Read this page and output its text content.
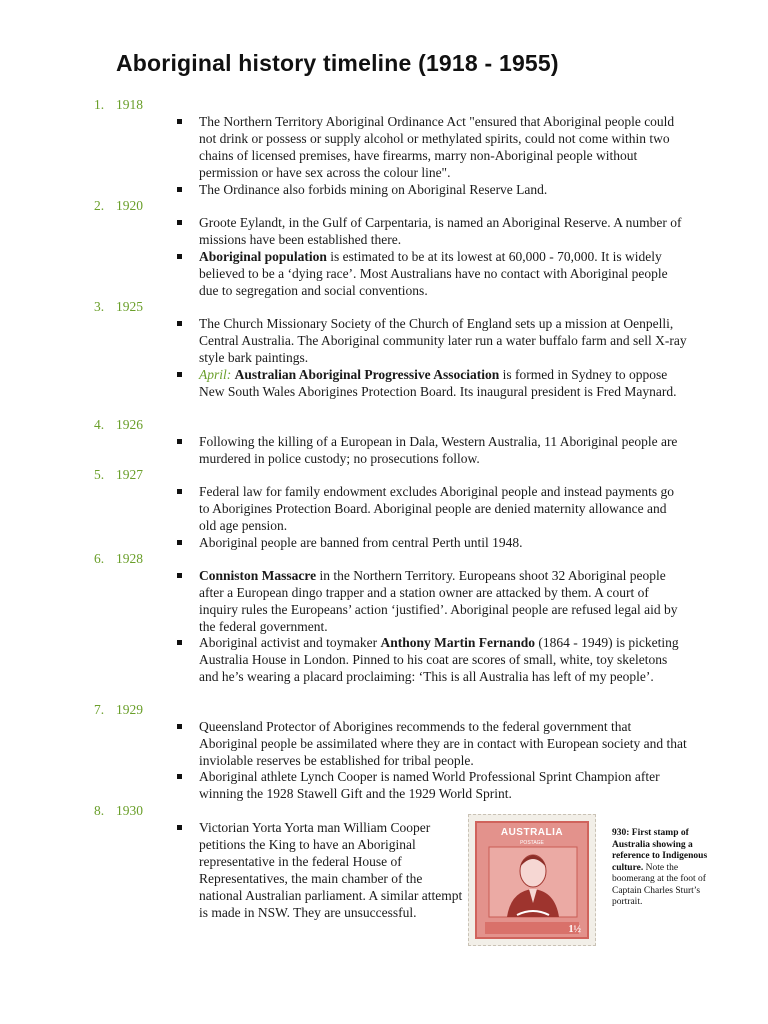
Aboriginal history timeline (1918 - 1955)
1. 1918
The Northern Territory Aboriginal Ordinance Act "ensured that Aboriginal people could not drink or possess or supply alcohol or methylated spirits, could not come within two chains of licensed premises, have firearms, marry non-Aboriginal people without permission or have sex across the colour line".
The Ordinance also forbids mining on Aboriginal Reserve Land.
2. 1920
Groote Eylandt, in the Gulf of Carpentaria, is named an Aboriginal Reserve. A number of missions have been established there.
Aboriginal population is estimated to be at its lowest at 60,000 - 70,000. It is widely believed to be a ‘dying race’. Most Australians have no contact with Aboriginal people due to segregation and social conventions.
3. 1925
The Church Missionary Society of the Church of England sets up a mission at Oenpelli, Central Australia. The Aboriginal community later run a water buffalo farm and sell X-ray style bark paintings.
April: Australian Aboriginal Progressive Association is formed in Sydney to oppose New South Wales Aborigines Protection Board. Its inaugural president is Fred Maynard.
4. 1926
Following the killing of a European in Dala, Western Australia, 11 Aboriginal people are murdered in police custody; no prosecutions follow.
5. 1927
Federal law for family endowment excludes Aboriginal people and instead payments go to Aborigines Protection Board. Aboriginal people are denied maternity allowance and old age pension.
Aboriginal people are banned from central Perth until 1948.
6. 1928
Conniston Massacre in the Northern Territory. Europeans shoot 32 Aboriginal people after a European dingo trapper and a station owner are attacked by them. A court of inquiry rules the Europeans’ action ‘justified’. Aboriginal people are refused legal aid by the federal government.
Aboriginal activist and toymaker Anthony Martin Fernando (1864 - 1949) is picketing Australia House in London. Pinned to his coat are scores of small, white, toy skeletons and he’s wearing a placard proclaiming: ‘This is all Australia has left of my people’.
7. 1929
Queensland Protector of Aborigines recommends to the federal government that Aboriginal people be assimilated where they are in contact with European society and that inviolable reserves be established for tribal people.
Aboriginal athlete Lynch Cooper is named World Professional Sprint Champion after winning the 1928 Stawell Gift and the 1929 World Sprint.
8. 1930
Victorian Yorta Yorta man William Cooper petitions the King to have an Aboriginal representative in the federal House of Representatives, the main chamber of the national Australian parliament. A similar attempt is made in NSW. They are unsuccessful.
AUSTRALIA
POSTAGE
1½
930: First stamp of Australia showing a reference to Indigenous culture. Note the boomerang at the foot of Captain Charles Sturt’s portrait.
